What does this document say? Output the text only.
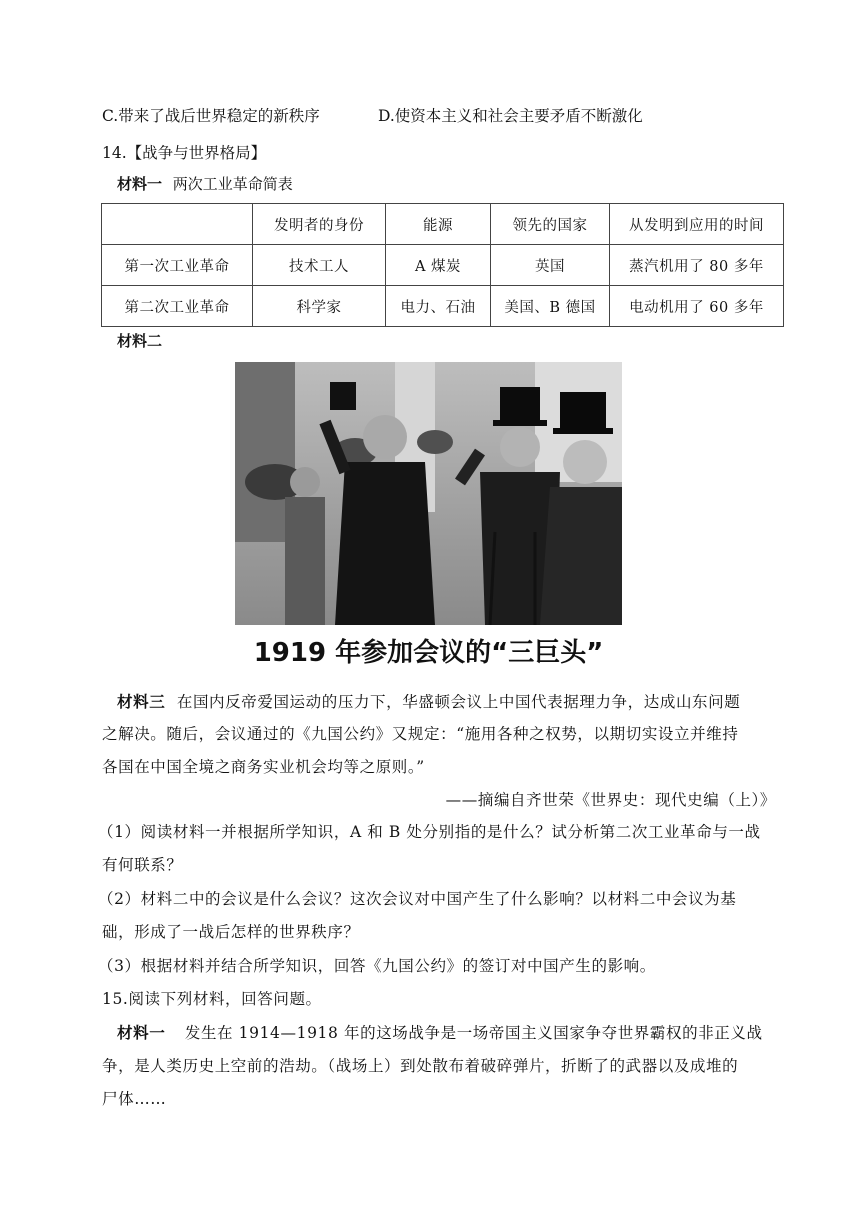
C.带来了战后世界稳定的新秩序	D.使资本主义和社会主要矛盾不断激化
14.【战争与世界格局】
材料一 两次工业革命简表
	发明者的身份	能源	领先的国家	从发明到应用的时间
第一次工业革命	技术工人	A 煤炭	英国	蒸汽机用了 80 多年
第二次工业革命	科学家	电力、石油	美国、B 德国	电动机用了 60 多年
材料二
1919 年参加会议的“三巨头”
材料三 在国内反帝爱国运动的压力下，华盛顿会议上中国代表据理力争，达成山东问题
之解决。随后，会议通过的《九国公约》又规定：“施用各种之权势，以期切实设立并维持
各国在中国全境之商务实业机会均等之原则。”
——摘编自齐世荣《世界史：现代史编（上）》
（1）阅读材料一并根据所学知识，A 和 B 处分别指的是什么？试分析第二次工业革命与一战
有何联系？
（2）材料二中的会议是什么会议？这次会议对中国产生了什么影响？以材料二中会议为基
础，形成了一战后怎样的世界秩序？
（3）根据材料并结合所学知识，回答《九国公约》的签订对中国产生的影响。
15.阅读下列材料，回答问题。
材料一 发生在 1914—1918 年的这场战争是一场帝国主义国家争夺世界霸权的非正义战
争，是人类历史上空前的浩劫。（战场上）到处散布着破碎弹片，折断了的武器以及成堆的
尸体……
